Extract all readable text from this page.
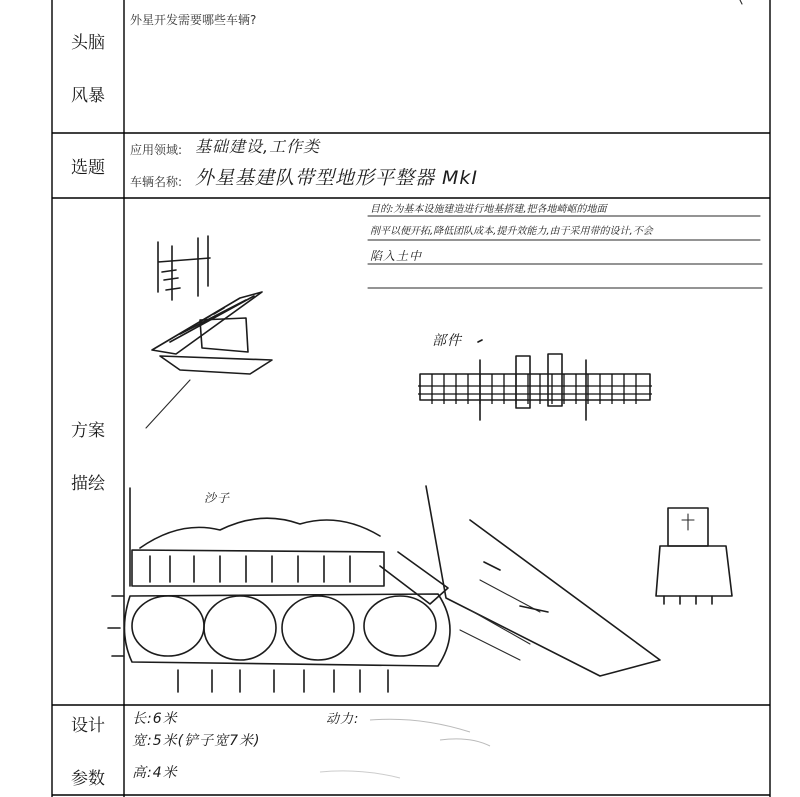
头脑
风暴
选题
方案
描绘
设计
参数
外星开发需要哪些车辆?
应用领域:
车辆名称:
基础建设,工作类
外星基建队带型地形平整器 MkI
目的:为基本设施建造进行地基搭建,把各地崎岖的地面
削平以便开拓,降低团队成本,提升效能力,由于采用带的设计,不会
陷入土中
部件
沙子
长:6米
宽:5米(铲子宽7米)
高:4米
动力:
